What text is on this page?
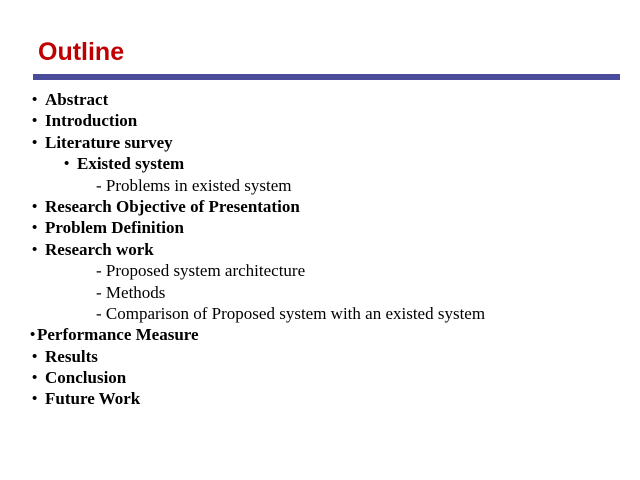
Outline
• Abstract
• Introduction
• Literature survey
• Existed system
- Problems in existed system
• Research Objective of Presentation
• Problem Definition
• Research work
- Proposed system architecture
- Methods
- Comparison of Proposed system with an existed system
• Performance Measure
• Results
• Conclusion
• Future Work
